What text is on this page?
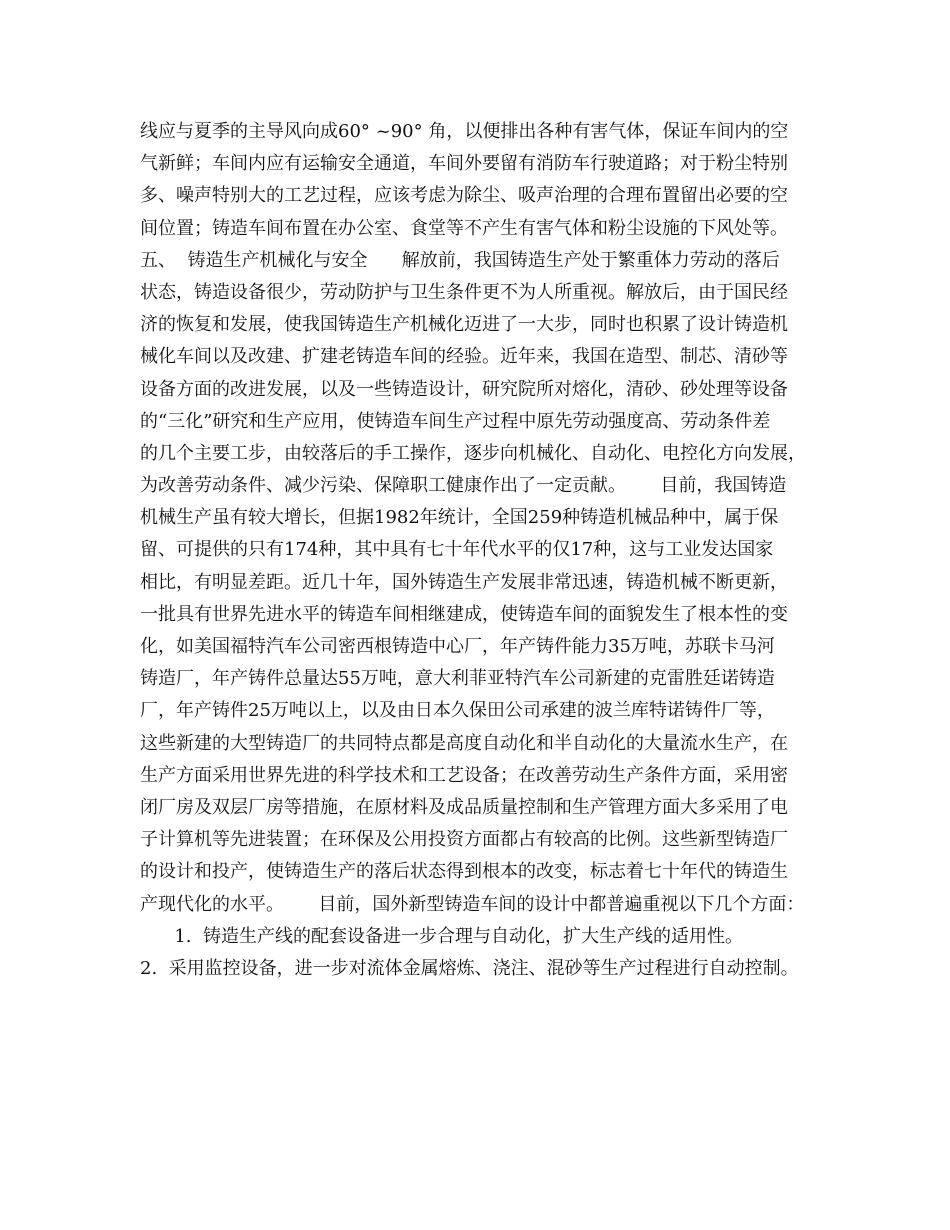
线应与夏季的主导风向成60° ~90° 角，以便排出各种有害气体，保证车间内的空
气新鲜；车间内应有运输安全通道，车间外要留有消防车行驶道路；对于粉尘特别
多、噪声特别大的工艺过程，应该考虑为除尘、吸声治理的合理布置留出必要的空
间位置；铸造车间布置在办公室、食堂等不产生有害气体和粉尘设施的下风处等。
五、  铸造生产机械化与安全      解放前，我国铸造生产处于繁重体力劳动的落后
状态，铸造设备很少，劳动防护与卫生条件更不为人所重视。解放后，由于国民经
济的恢复和发展，使我国铸造生产机械化迈进了一大步，同时也积累了设计铸造机
械化车间以及改建、扩建老铸造车间的经验。近年来，我国在造型、制芯、清砂等
设备方面的改进发展，以及一些铸造设计，研究院所对熔化，清砂、砂处理等设备
的“三化”研究和生产应用，使铸造车间生产过程中原先劳动强度高、劳动条件差
的几个主要工步，由较落后的手工操作，逐步向机械化、自动化、电控化方向发展，
为改善劳动条件、减少污染、保障职工健康作出了一定贡献。      目前，我国铸造
机械生产虽有较大增长，但据1982年统计，全国259种铸造机械品种中，属于保
留、可提供的只有174种，其中具有七十年代水平的仅17种，这与工业发达国家
相比，有明显差距。近几十年，国外铸造生产发展非常迅速，铸造机械不断更新，
一批具有世界先进水平的铸造车间相继建成，使铸造车间的面貌发生了根本性的变
化，如美国福特汽车公司密西根铸造中心厂，年产铸件能力35万吨，苏联卡马河
铸造厂，年产铸件总量达55万吨，意大利菲亚特汽车公司新建的克雷胜廷诺铸造
厂，年产铸件25万吨以上，以及由日本久保田公司承建的波兰库特诺铸件厂等，
这些新建的大型铸造厂的共同特点都是高度自动化和半自动化的大量流水生产，在
生产方面采用世界先进的科学技术和工艺设备；在改善劳动生产条件方面，采用密
闭厂房及双层厂房等措施，在原材料及成品质量控制和生产管理方面大多采用了电
子计算机等先进装置；在环保及公用投资方面都占有较高的比例。这些新型铸造厂
的设计和投产，使铸造生产的落后状态得到根本的改变，标志着七十年代的铸造生
产现代化的水平。      目前，国外新型铸造车间的设计中都普遍重视以下几个方面：
1.  铸造生产线的配套设备进一步合理与自动化，扩大生产线的适用性。
2.  采用监控设备，进一步对流体金属熔炼、浇注、混砂等生产过程进行自动控制。
